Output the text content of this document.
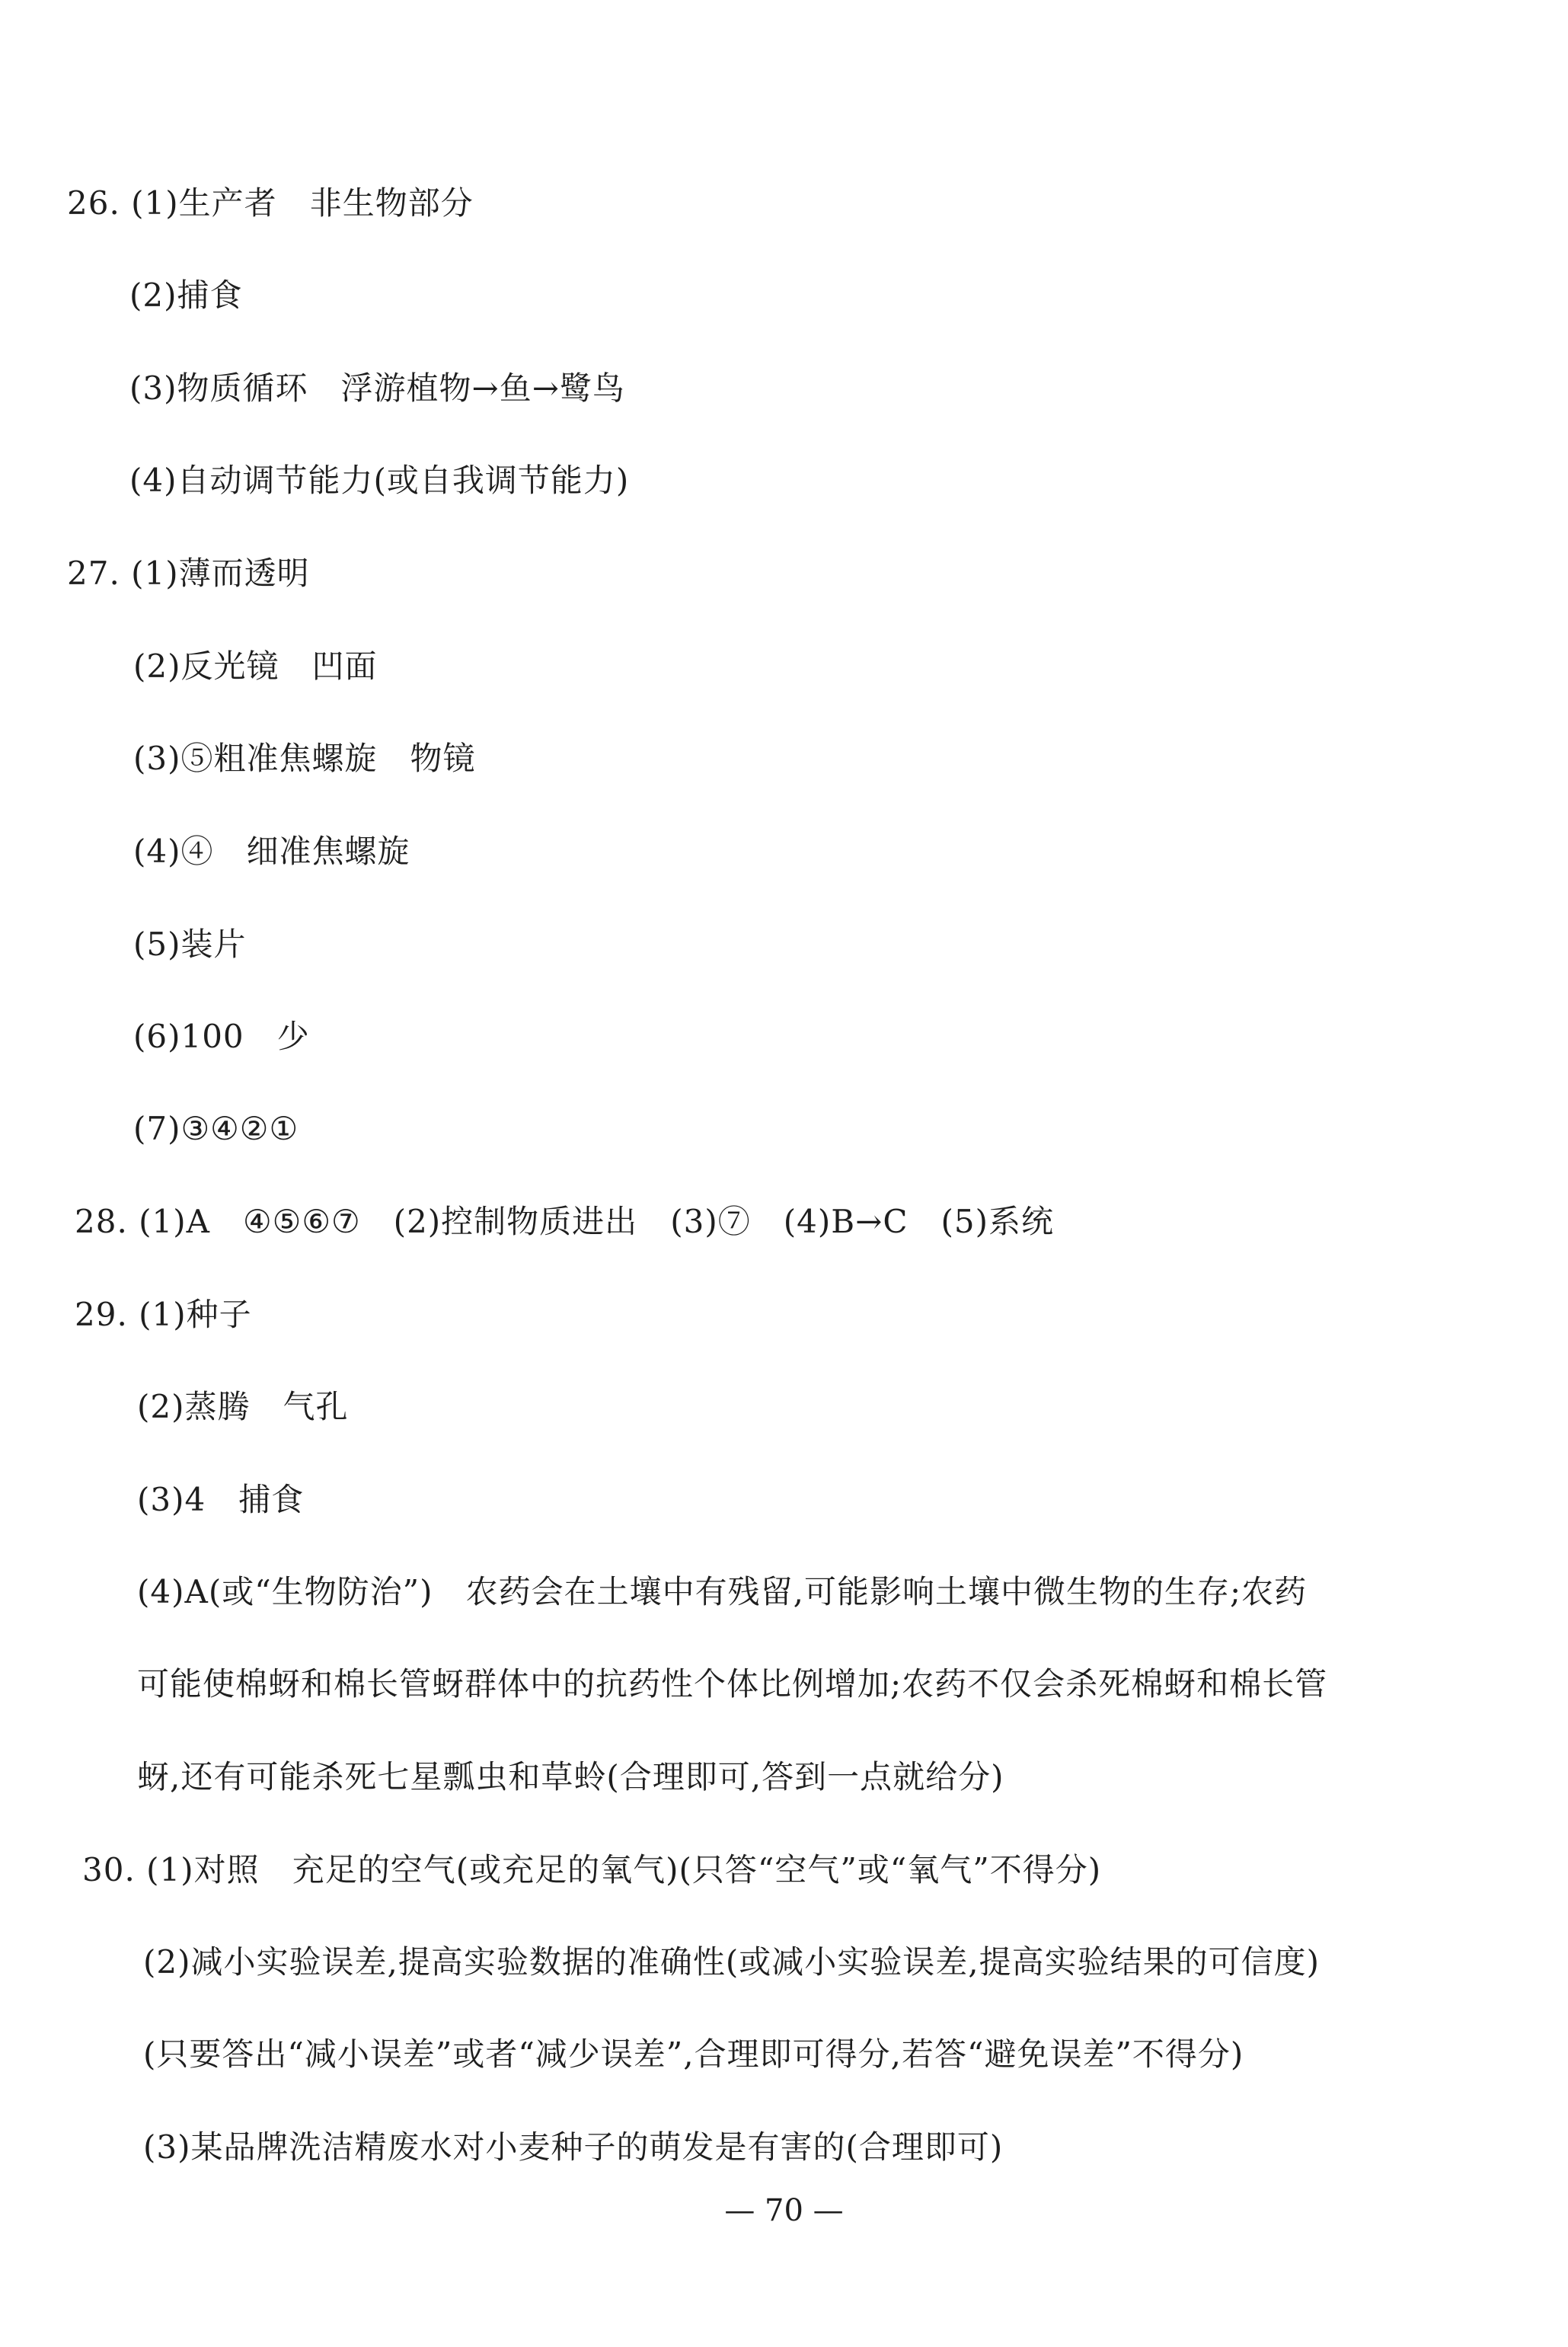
26. (1)生产者   非生物部分
(2)捕食
(3)物质循环   浮游植物→鱼→鹭鸟
(4)自动调节能力(或自我调节能力)
27. (1)薄而透明
(2)反光镜   凹面
(3)⑤粗准焦螺旋   物镜
(4)④   细准焦螺旋
(5)装片
(6)100   少
(7)③④②①
28. (1)A   ④⑤⑥⑦   (2)控制物质进出   (3)⑦   (4)B→C   (5)系统
29. (1)种子
(2)蒸腾   气孔
(3)4   捕食
(4)A(或“生物防治”)   农药会在土壤中有残留,可能影响土壤中微生物的生存;农药
可能使棉蚜和棉长管蚜群体中的抗药性个体比例增加;农药不仅会杀死棉蚜和棉长管
蚜,还有可能杀死七星瓢虫和草蛉(合理即可,答到一点就给分)
30. (1)对照   充足的空气(或充足的氧气)(只答“空气”或“氧气”不得分)
(2)减小实验误差,提高实验数据的准确性(或减小实验误差,提高实验结果的可信度)
(只要答出“减小误差”或者“减少误差”,合理即可得分,若答“避免误差”不得分)
(3)某品牌洗洁精废水对小麦种子的萌发是有害的(合理即可)
— 70 —
